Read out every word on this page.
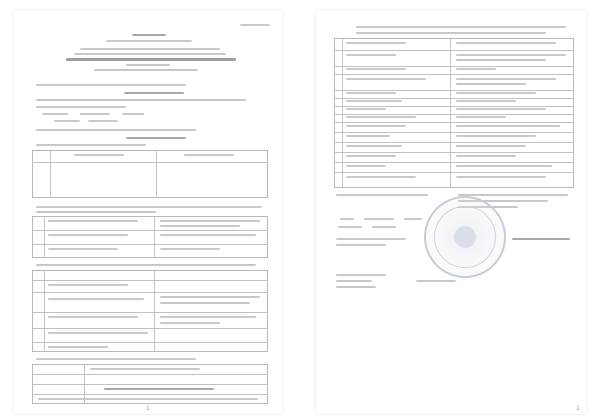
1	1
